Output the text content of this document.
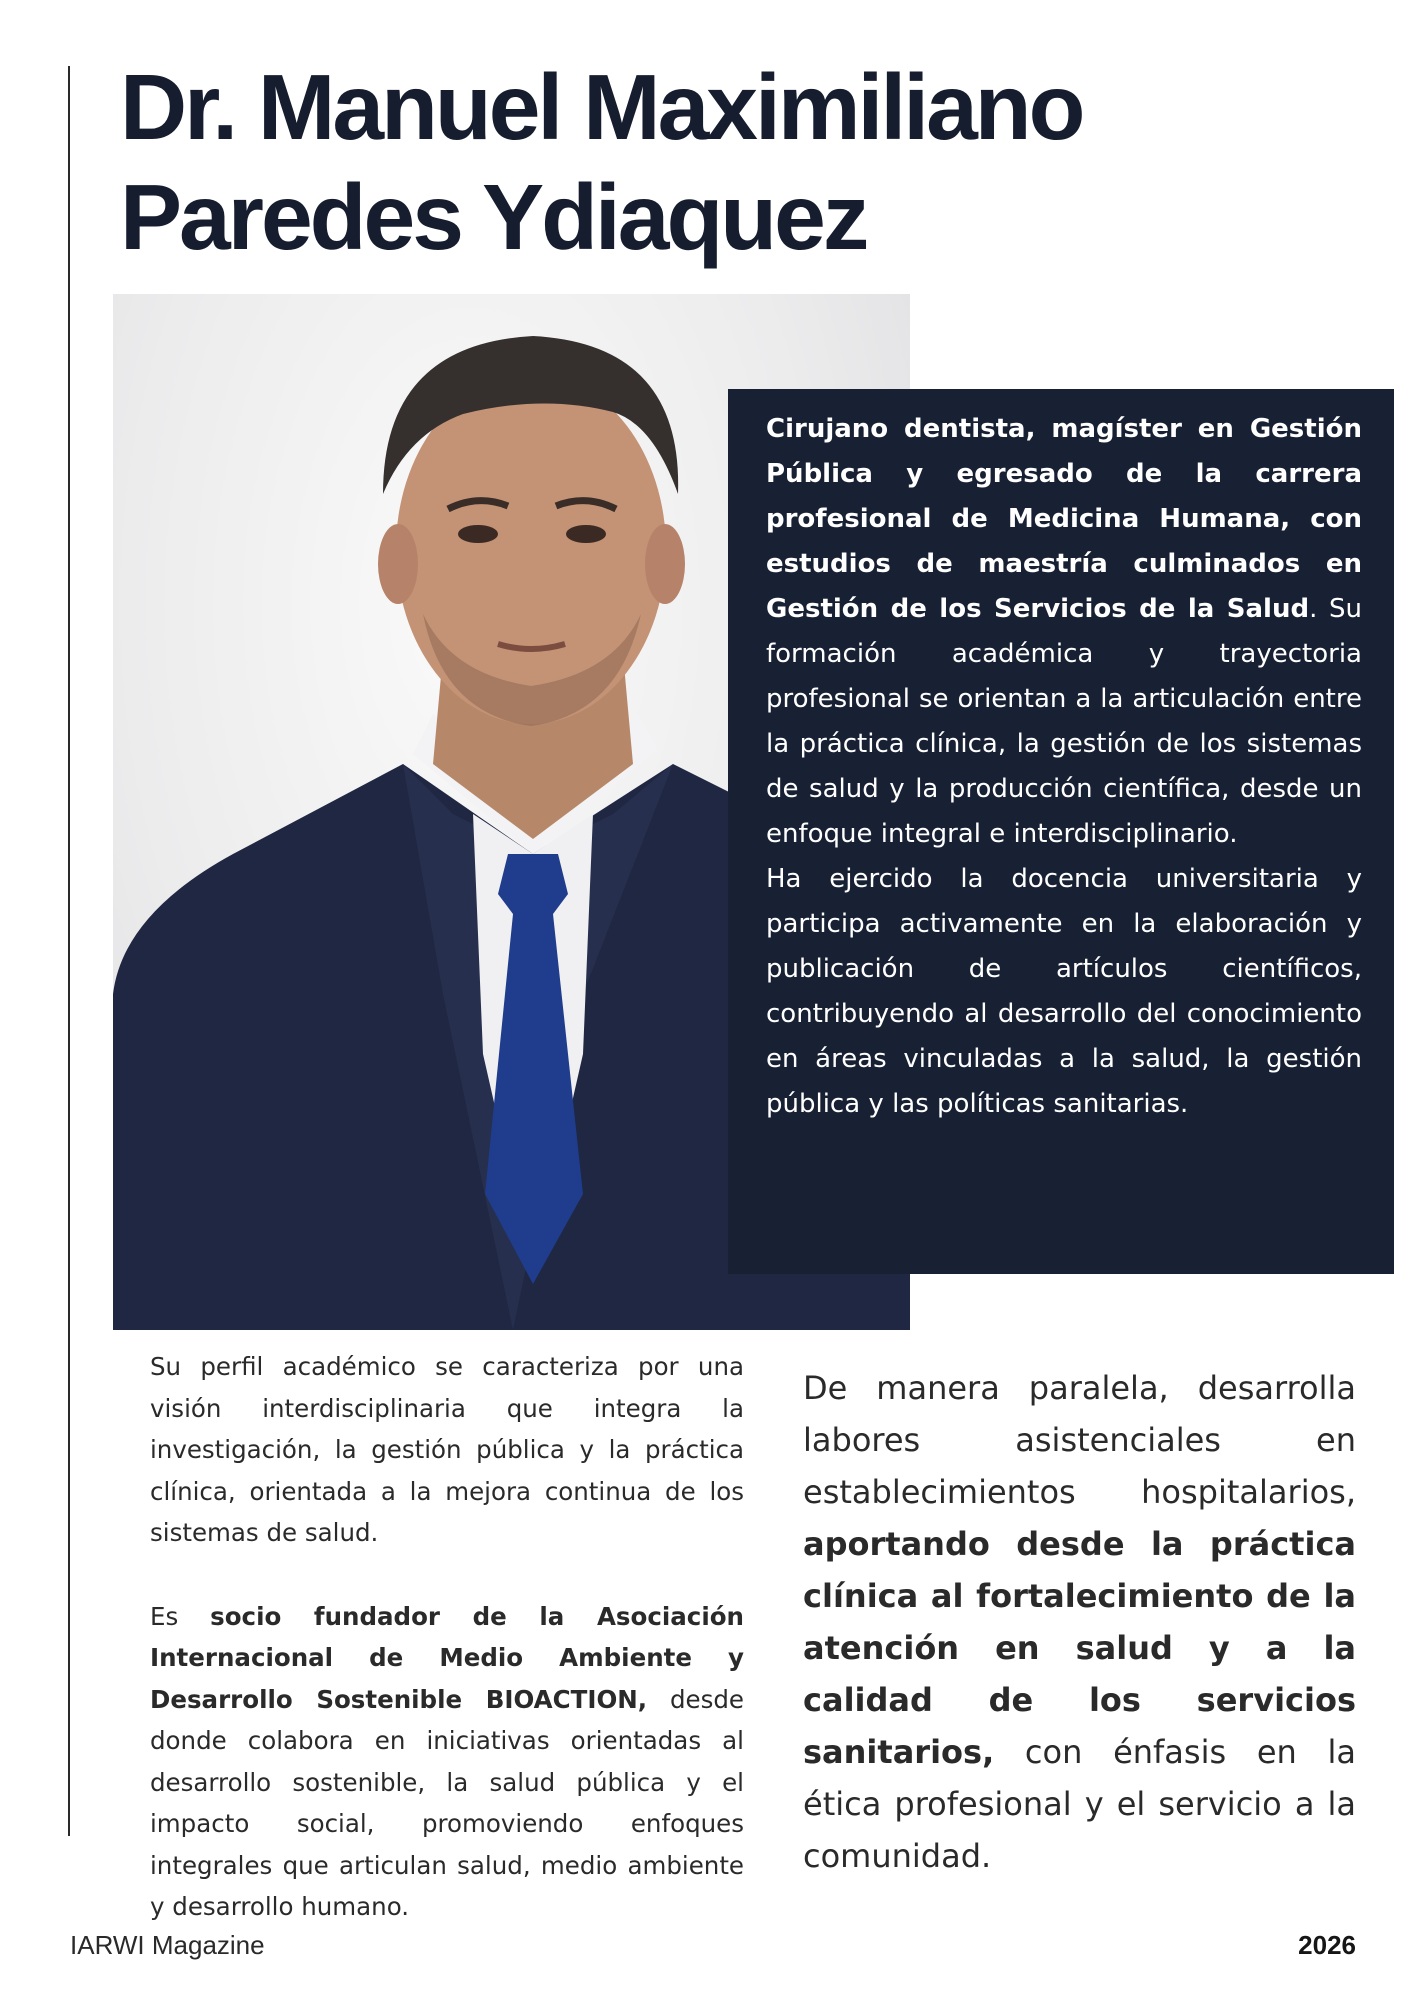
Dr. Manuel Maximiliano
Paredes Ydiaquez

Cirujano dentista, magíster en Gestión Pública y egresado de la carrera profesional de Medicina Humana, con estudios de maestría culminados en Gestión de los Servicios de la Salud. Su formación académica y trayectoria profesional se orientan a la articulación entre la práctica clínica, la gestión de los sistemas de salud y la producción científica, desde un enfoque integral e interdisciplinario.

Ha ejercido la docencia universitaria y participa activamente en la elaboración y publicación de artículos científicos, contribuyendo al desarrollo del conocimiento en áreas vinculadas a la salud, la gestión pública y las políticas sanitarias.

Su perfil académico se caracteriza por una visión interdisciplinaria que integra la investigación, la gestión pública y la práctica clínica, orientada a la mejora continua de los sistemas de salud.

Es socio fundador de la Asociación Internacional de Medio Ambiente y Desarrollo Sostenible BIOACTION, desde donde colabora en iniciativas orientadas al desarrollo sostenible, la salud pública y el impacto social, promoviendo enfoques integrales que articulan salud, medio ambiente y desarrollo humano.

De manera paralela, desarrolla labores asistenciales en establecimientos hospitalarios, aportando desde la práctica clínica al fortalecimiento de la atención en salud y a la calidad de los servicios sanitarios, con énfasis en la ética profesional y el servicio a la comunidad.

IARWI Magazine	2026
